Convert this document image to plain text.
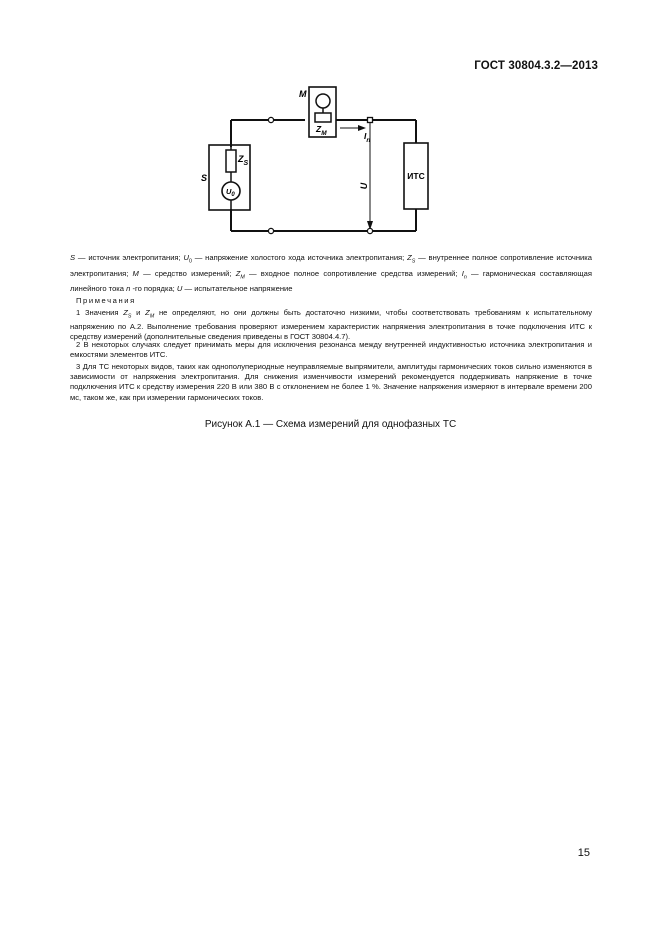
ГОСТ 30804.3.2—2013
S
$Z_S$
$U_0$
M
$Z_M$	$I_n$
U
ИТС
S — источник электропитания; $U_0$ — напряжение холостого хода источника электропитания; $Z_S$ — внутреннее полное сопротивление источника электропитания; M — средство измерений; $Z_M$ — входное полное сопротивление средства измерений; $I_n$ — гармоническая составляющая линейного тока n -го порядка; U — испытательное напряжение
Примечания
1 Значения $Z_S$ и $Z_M$ не определяют, но они должны быть достаточно низкими, чтобы соответствовать требованиям к испытательному напряжению по А.2. Выполнение требования проверяют измерением характеристик напряжения электропитания в точке подключения ИТС к средству измерений (дополнительные сведения приведены в ГОСТ 30804.4.7).
2 В некоторых случаях следует принимать меры для исключения резонанса между внутренней индуктивностью источника электропитания и емкостями элементов ИТС.
3 Для ТС некоторых видов, таких как однополупериодные неуправляемые выпрямители, амплитуды гармонических токов сильно изменяются в зависимости от напряжения электропитания. Для снижения изменчивости измерений рекомендуется поддерживать напряжение в точке подключения ИТС к средству измерения 220 В или 380 В с отклонением не более 1 %. Значение напряжения измеряют в интервале времени 200 мс, таком же, как при измерении гармонических токов.
Рисунок А.1 — Схема измерений для однофазных ТС
15
